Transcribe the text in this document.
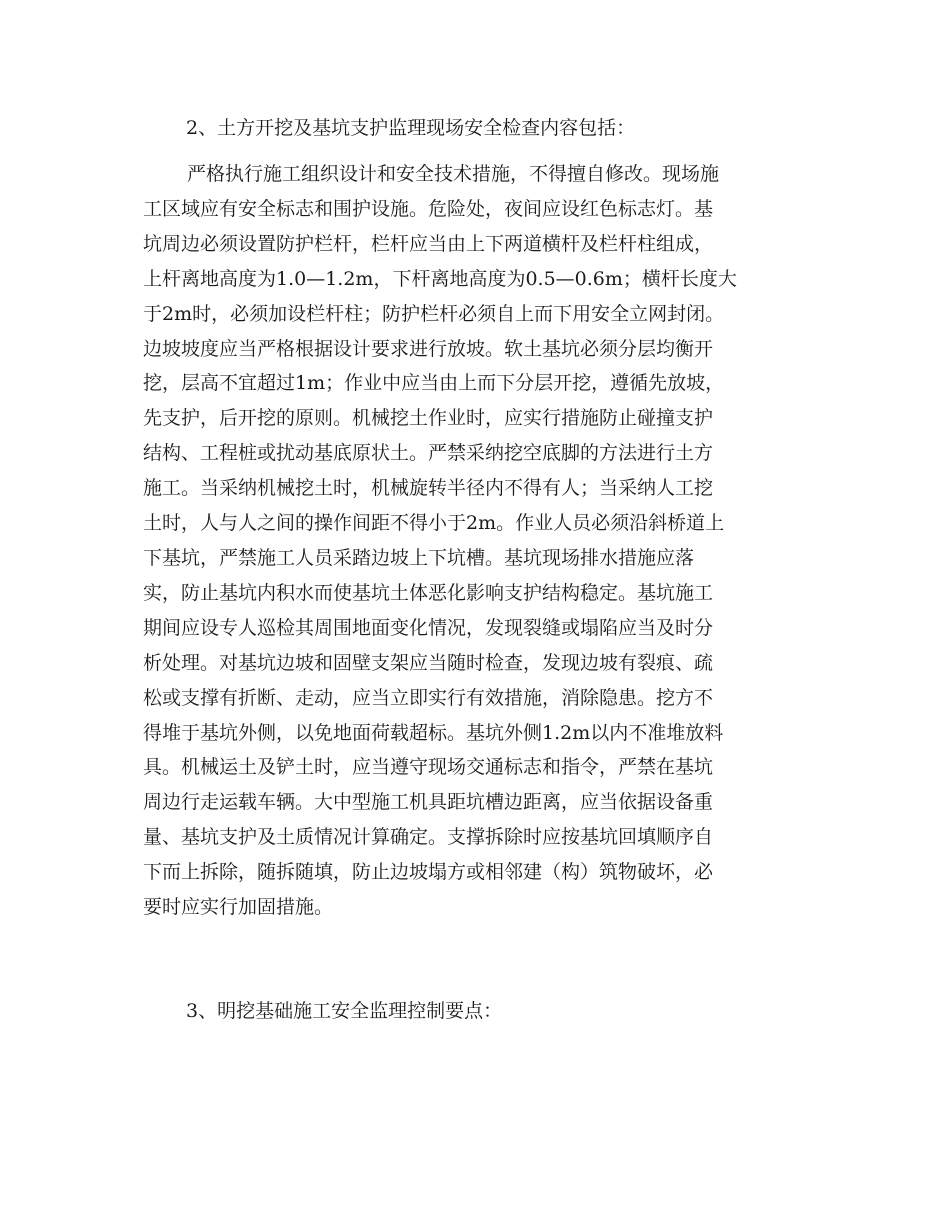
2、土方开挖及基坑支护监理现场安全检查内容包括：

严格执行施工组织设计和安全技术措施，不得擅自修改。现场施
工区域应有安全标志和围护设施。危险处，夜间应设红色标志灯。基
坑周边必须设置防护栏杆，栏杆应当由上下两道横杆及栏杆柱组成，
上杆离地高度为1.0—1.2m，下杆离地高度为0.5—0.6m；横杆长度大
于2m时，必须加设栏杆柱；防护栏杆必须自上而下用安全立网封闭。
边坡坡度应当严格根据设计要求进行放坡。软土基坑必须分层均衡开
挖，层高不宜超过1m；作业中应当由上而下分层开挖，遵循先放坡，
先支护，后开挖的原则。机械挖土作业时，应实行措施防止碰撞支护
结构、工程桩或扰动基底原状土。严禁采纳挖空底脚的方法进行土方
施工。当采纳机械挖土时，机械旋转半径内不得有人；当采纳人工挖
土时，人与人之间的操作间距不得小于2m。作业人员必须沿斜桥道上
下基坑，严禁施工人员采踏边坡上下坑槽。基坑现场排水措施应落
实，防止基坑内积水而使基坑土体恶化影响支护结构稳定。基坑施工
期间应设专人巡检其周围地面变化情况，发现裂缝或塌陷应当及时分
析处理。对基坑边坡和固壁支架应当随时检查，发现边坡有裂痕、疏
松或支撑有折断、走动，应当立即实行有效措施，消除隐患。挖方不
得堆于基坑外侧，以免地面荷载超标。基坑外侧1.2m以内不准堆放料
具。机械运土及铲土时，应当遵守现场交通标志和指令，严禁在基坑
周边行走运载车辆。大中型施工机具距坑槽边距离，应当依据设备重
量、基坑支护及土质情况计算确定。支撑拆除时应按基坑回填顺序自
下而上拆除，随拆随填，防止边坡塌方或相邻建（构）筑物破坏，必
要时应实行加固措施。

3、明挖基础施工安全监理控制要点：
